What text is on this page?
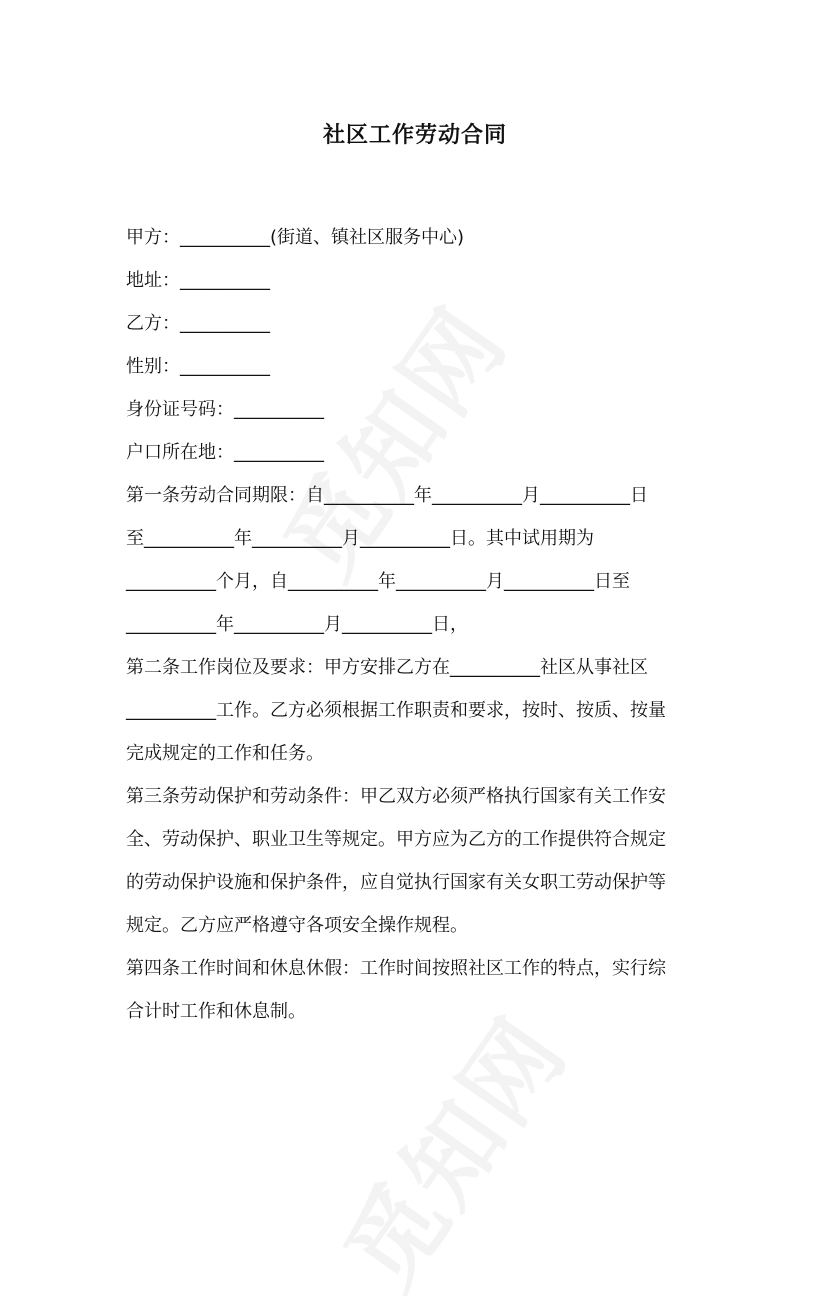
社区工作劳动合同
甲方：__________(街道、镇社区服务中心)
地址：__________
乙方：__________
性别：__________
身份证号码：__________
户口所在地：__________
第一条劳动合同期限：自__________年__________月__________日
至__________年__________月__________日。其中试用期为
__________个月，自__________年__________月__________日至
__________年__________月__________日，
第二条工作岗位及要求：甲方安排乙方在__________社区从事社区
__________工作。乙方必须根据工作职责和要求，按时、按质、按量
完成规定的工作和任务。
第三条劳动保护和劳动条件：甲乙双方必须严格执行国家有关工作安
全、劳动保护、职业卫生等规定。甲方应为乙方的工作提供符合规定
的劳动保护设施和保护条件，应自觉执行国家有关女职工劳动保护等
规定。乙方应严格遵守各项安全操作规程。
第四条工作时间和休息休假：工作时间按照社区工作的特点，实行综
合计时工作和休息制。
